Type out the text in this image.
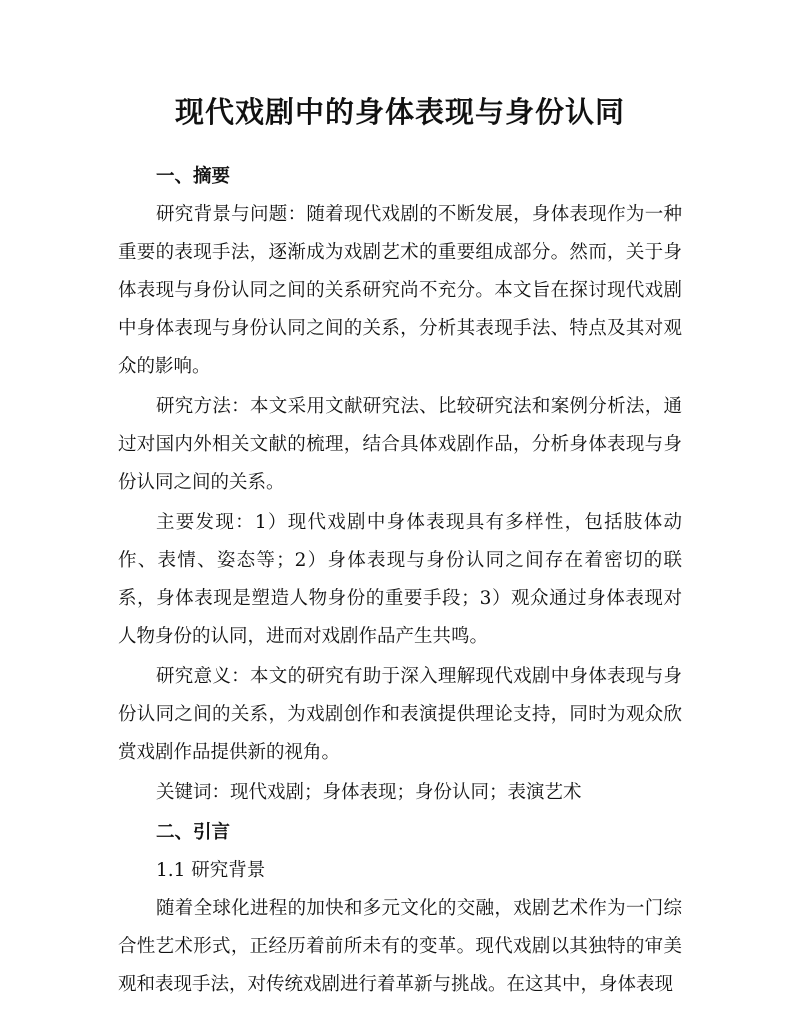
现代戏剧中的身体表现与身份认同
一、摘要

研究背景与问题：随着现代戏剧的不断发展，身体表现作为一种重要的表现手法，逐渐成为戏剧艺术的重要组成部分。然而，关于身体表现与身份认同之间的关系研究尚不充分。本文旨在探讨现代戏剧中身体表现与身份认同之间的关系，分析其表现手法、特点及其对观众的影响。

研究方法：本文采用文献研究法、比较研究法和案例分析法，通过对国内外相关文献的梳理，结合具体戏剧作品，分析身体表现与身份认同之间的关系。

主要发现：1）现代戏剧中身体表现具有多样性，包括肢体动作、表情、姿态等；2）身体表现与身份认同之间存在着密切的联系，身体表现是塑造人物身份的重要手段；3）观众通过身体表现对人物身份的认同，进而对戏剧作品产生共鸣。

研究意义：本文的研究有助于深入理解现代戏剧中身体表现与身份认同之间的关系，为戏剧创作和表演提供理论支持，同时为观众欣赏戏剧作品提供新的视角。

关键词：现代戏剧；身体表现；身份认同；表演艺术

二、引言

1.1 研究背景

随着全球化进程的加快和多元文化的交融，戏剧艺术作为一门综合性艺术形式，正经历着前所未有的变革。现代戏剧以其独特的审美观和表现手法，对传统戏剧进行着革新与挑战。在这其中，身体表现
